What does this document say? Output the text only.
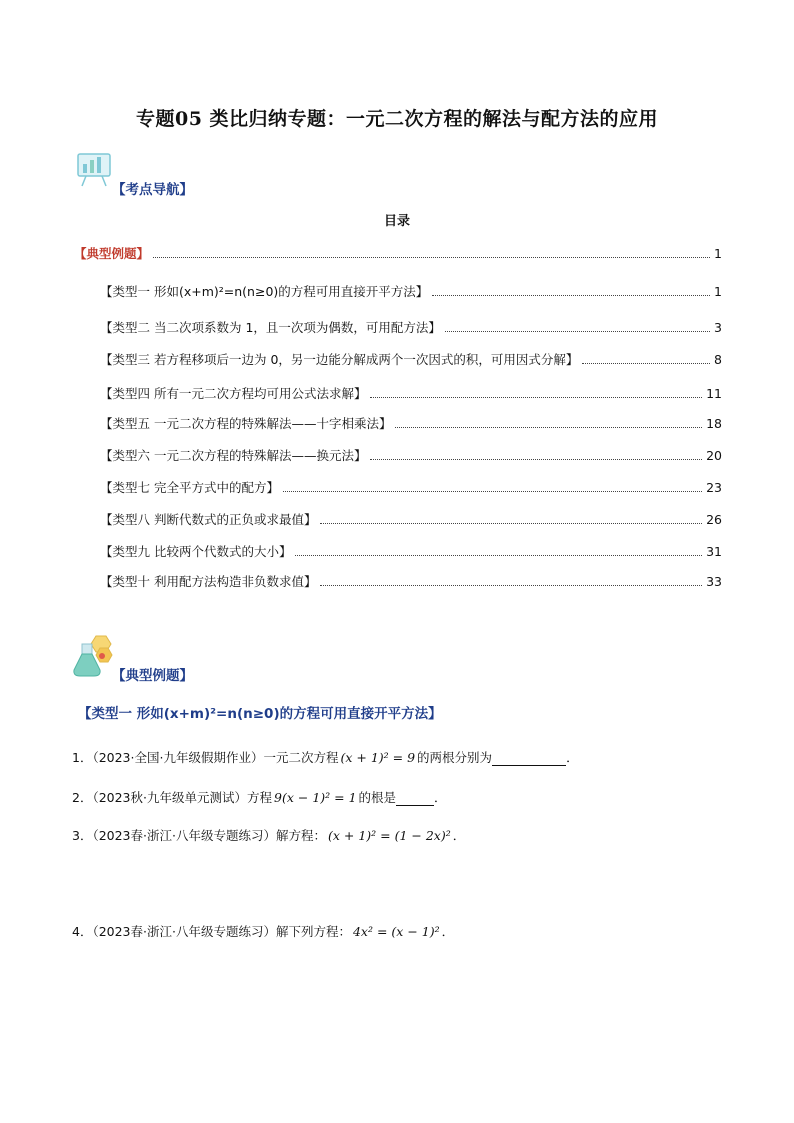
专题05 类比归纳专题：一元二次方程的解法与配方法的应用
【考点导航】
目录
【典型例题】	1
【类型一 形如(x+m)²=n(n≥0)的方程可用直接开平方法】	1
【类型二 当二次项系数为 1，且一次项为偶数，可用配方法】	3
【类型三 若方程移项后一边为 0，另一边能分解成两个一次因式的积，可用因式分解】	8
【类型四 所有一元二次方程均可用公式法求解】	11
【类型五 一元二次方程的特殊解法——十字相乘法】	18
【类型六 一元二次方程的特殊解法——换元法】	20
【类型七 完全平方式中的配方】	23
【类型八 判断代数式的正负或求最值】	26
【类型九 比较两个代数式的大小】	31
【类型十 利用配方法构造非负数求值】	33
【典型例题】
【类型一 形如(x+m)²=n(n≥0)的方程可用直接开平方法】
1．（2023·全国·九年级假期作业）一元二次方程 (x + 1)² = 9 的两根分别为	．
2．（2023秋·九年级单元测试）方程 9(x − 1)² = 1 的根是	．
3．（2023春·浙江·八年级专题练习）解方程： (x + 1)² = (1 − 2x)² ．
4．（2023春·浙江·八年级专题练习）解下列方程： 4x² = (x − 1)² ．
